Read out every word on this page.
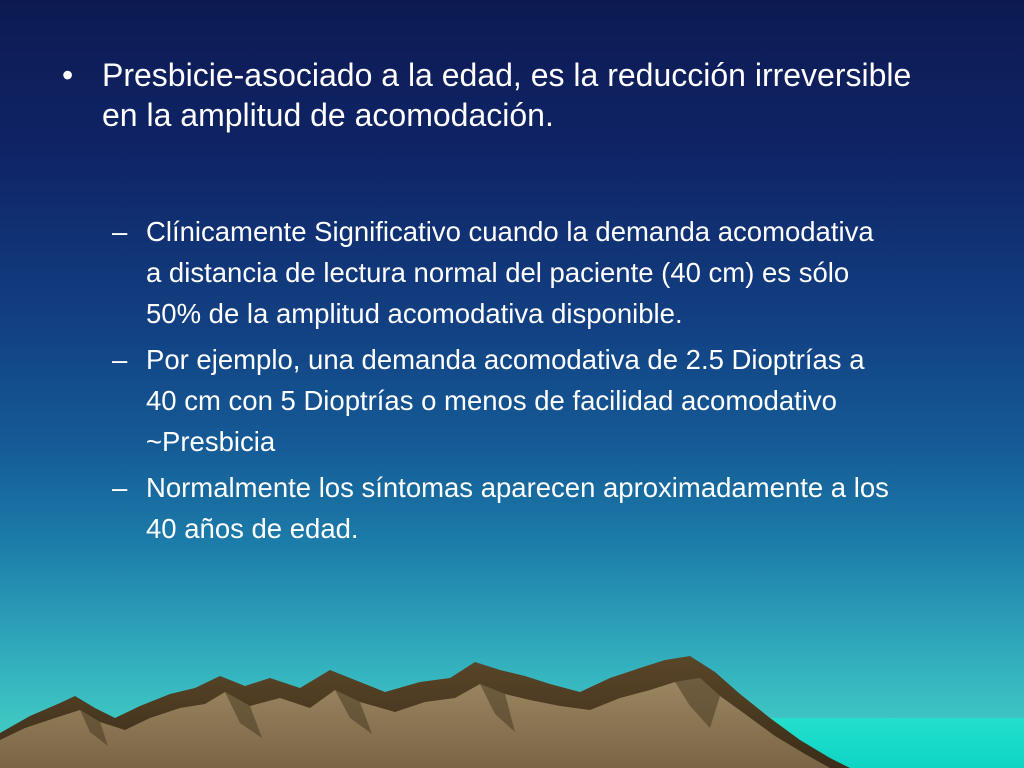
• Presbicie-asociado a la edad, es la reducción irreversible en la amplitud de acomodación.
– Clínicamente Significativo cuando la demanda acomodativa a distancia de lectura normal del paciente (40 cm) es sólo 50% de la amplitud acomodativa disponible.
– Por ejemplo, una demanda acomodativa de 2.5 Dioptrías a 40 cm con 5 Dioptrías o menos de facilidad acomodativo ~Presbicia
– Normalmente los síntomas aparecen aproximadamente a los 40 años de edad.
